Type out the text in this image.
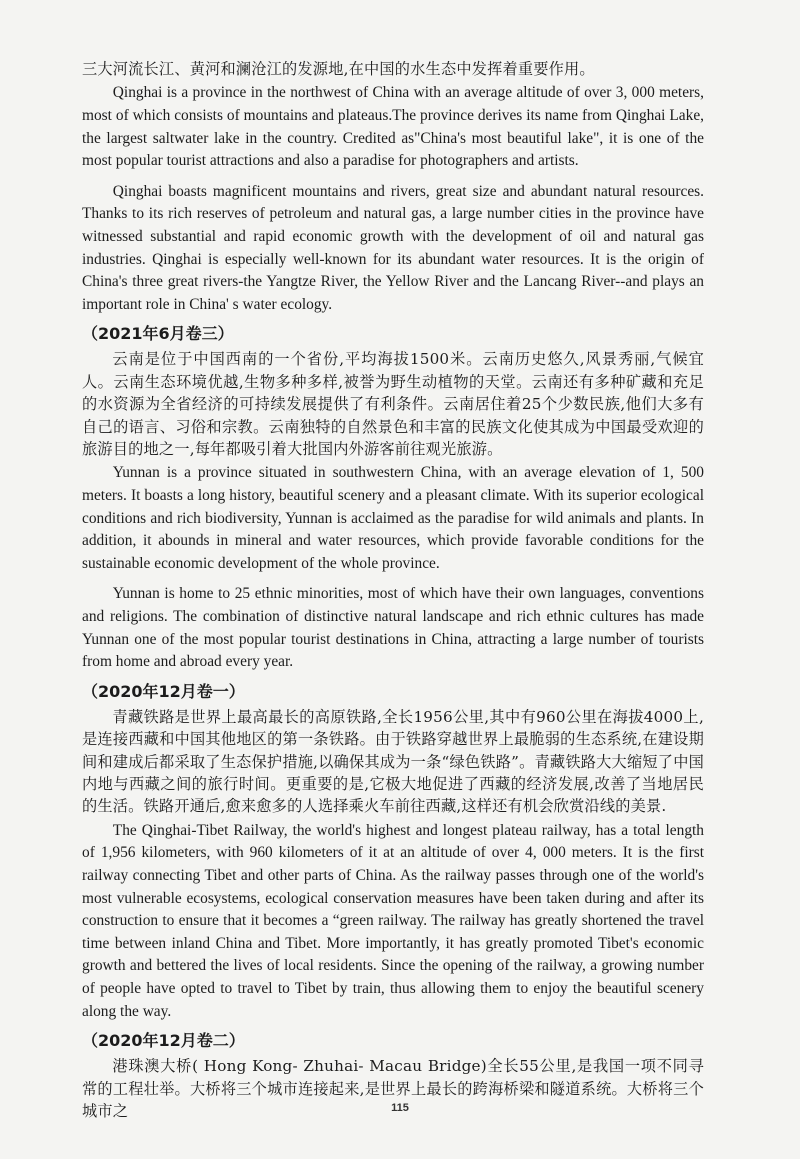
三大河流长江、黄河和澜沧江的发源地,在中国的水生态中发挥着重要作用。

Qinghai is a province in the northwest of China with an average altitude of over 3, 000 meters, most of which consists of mountains and plateaus.The province derives its name from Qinghai Lake, the largest saltwater lake in the country. Credited as"China's most beautiful lake", it is one of the most popular tourist attractions and also a paradise for photographers and artists.

Qinghai boasts magnificent mountains and rivers, great size and abundant natural resources. Thanks to its rich reserves of petroleum and natural gas, a large number cities in the province have witnessed substantial and rapid economic growth with the development of oil and natural gas industries. Qinghai is especially well-known for its abundant water resources. It is the origin of China's three great rivers-the Yangtze River, the Yellow River and the Lancang River--and plays an important role in China' s water ecology.

（2021年6月卷三）

云南是位于中国西南的一个省份,平均海拔1500米。云南历史悠久,风景秀丽,气候宜人。云南生态环境优越,生物多种多样,被誉为野生动植物的天堂。云南还有多种矿藏和充足的水资源为全省经济的可持续发展提供了有利条件。云南居住着25个少数民族,他们大多有自己的语言、习俗和宗教。云南独特的自然景色和丰富的民族文化使其成为中国最受欢迎的旅游目的地之一,每年都吸引着大批国内外游客前往观光旅游。

Yunnan is a province situated in southwestern China, with an average elevation of 1, 500 meters. It boasts a long history, beautiful scenery and a pleasant climate. With its superior ecological conditions and rich biodiversity, Yunnan is acclaimed as the paradise for wild animals and plants. In addition, it abounds in mineral and water resources, which provide favorable conditions for the sustainable economic development of the whole province.

Yunnan is home to 25 ethnic minorities, most of which have their own languages, conventions and religions. The combination of distinctive natural landscape and rich ethnic cultures has made Yunnan one of the most popular tourist destinations in China, attracting a large number of tourists from home and abroad every year.

（2020年12月卷一）

青藏铁路是世界上最高最长的高原铁路,全长1956公里,其中有960公里在海拔4000上,是连接西藏和中国其他地区的第一条铁路。由于铁路穿越世界上最脆弱的生态系统,在建设期间和建成后都采取了生态保护措施,以确保其成为一条“绿色铁路”。青藏铁路大大缩短了中国内地与西藏之间的旅行时间。更重要的是,它极大地促进了西藏的经济发展,改善了当地居民的生活。铁路开通后,愈来愈多的人选择乘火车前往西藏,这样还有机会欣赏沿线的美景.

The Qinghai-Tibet Railway, the world's highest and longest plateau railway, has a total length of 1,956 kilometers, with 960 kilometers of it at an altitude of over 4, 000 meters. It is the first railway connecting Tibet and other parts of China. As the railway passes through one of the world's most vulnerable ecosystems, ecological conservation measures have been taken during and after its construction to ensure that it becomes a “green railway. The railway has greatly shortened the travel time between inland China and Tibet. More importantly, it has greatly promoted Tibet's economic growth and bettered the lives of local residents. Since the opening of the railway, a growing number of people have opted to travel to Tibet by train, thus allowing them to enjoy the beautiful scenery along the way.

（2020年12月卷二）

港珠澳大桥( Hong Kong- Zhuhai- Macau Bridge)全长55公里,是我国一项不同寻常的工程壮举。大桥将三个城市连接起来,是世界上最长的跨海桥梁和隧道系统。大桥将三个城市之	115
